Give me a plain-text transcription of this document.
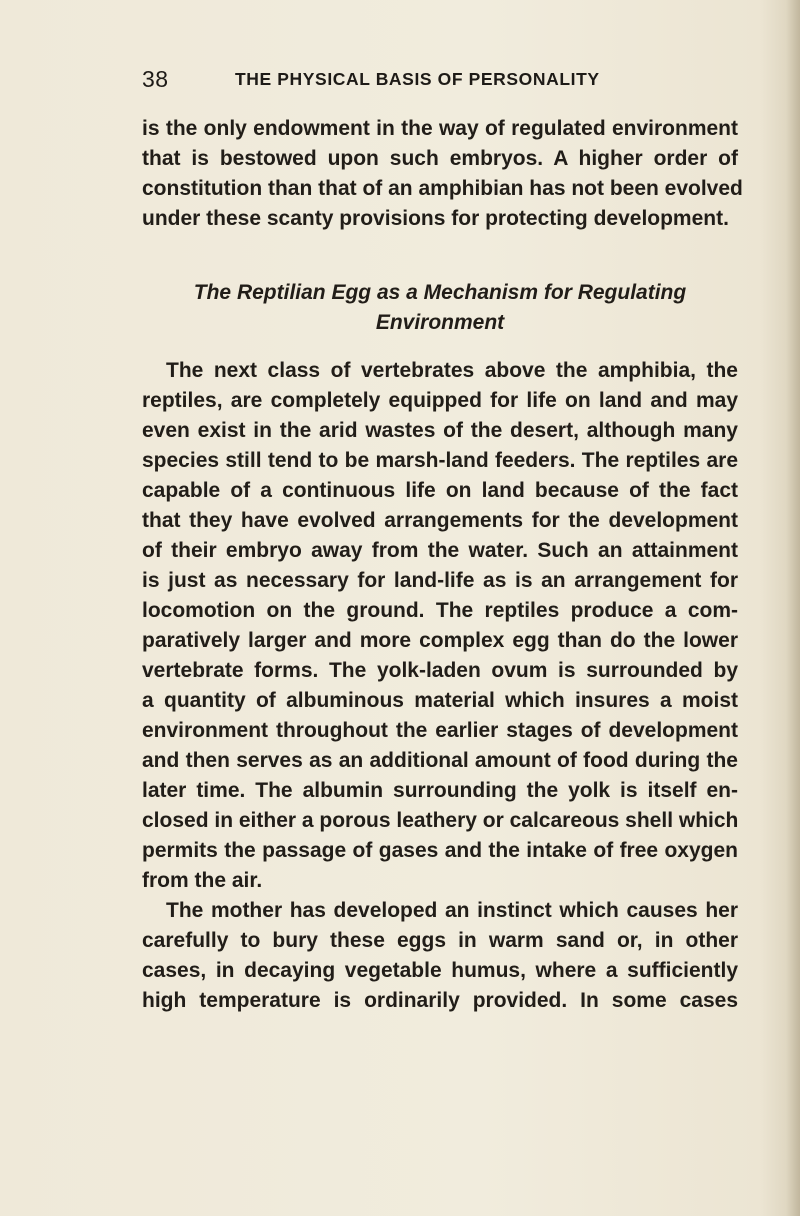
38	THE PHYSICAL BASIS OF PERSONALITY
is the only endowment in the way of regulated environment
that is bestowed upon such embryos. A higher order of
constitution than that of an amphibian has not been evolved
under these scanty provisions for protecting development.
The Reptilian Egg as a Mechanism for Regulating
Environment
The next class of vertebrates above the amphibia, the
reptiles, are completely equipped for life on land and may
even exist in the arid wastes of the desert, although many
species still tend to be marsh-land feeders. The reptiles are
capable of a continuous life on land because of the fact
that they have evolved arrangements for the development
of their embryo away from the water. Such an attainment
is just as necessary for land-life as is an arrangement for
locomotion on the ground. The reptiles produce a com-
paratively larger and more complex egg than do the lower
vertebrate forms. The yolk-laden ovum is surrounded by
a quantity of albuminous material which insures a moist
environment throughout the earlier stages of development
and then serves as an additional amount of food during the
later time. The albumin surrounding the yolk is itself en-
closed in either a porous leathery or calcareous shell which
permits the passage of gases and the intake of free oxygen
from the air.
The mother has developed an instinct which causes her
carefully to bury these eggs in warm sand or, in other
cases, in decaying vegetable humus, where a sufficiently
high temperature is ordinarily provided. In some cases
